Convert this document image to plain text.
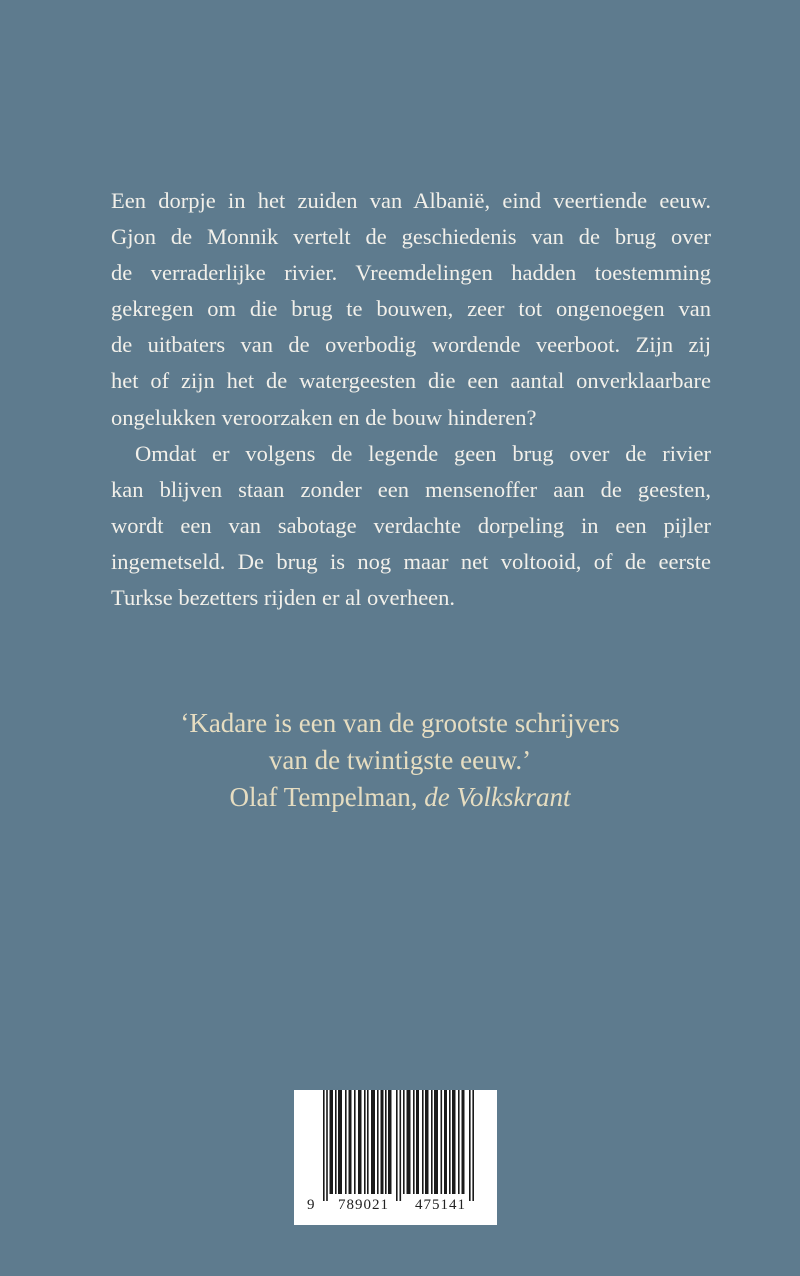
Een dorpje in het zuiden van Albanië, eind veertiende eeuw.
Gjon de Monnik vertelt de geschiedenis van de brug over
de verraderlijke rivier. Vreemdelingen hadden toestemming
gekregen om die brug te bouwen, zeer tot ongenoegen van
de uitbaters van de overbodig wordende veerboot. Zijn zij
het of zijn het de watergeesten die een aantal onverklaarbare
ongelukken veroorzaken en de bouw hinderen?

Omdat er volgens de legende geen brug over de rivier
kan blijven staan zonder een mensenoffer aan de geesten,
wordt een van sabotage verdachte dorpeling in een pijler
ingemetseld. De brug is nog maar net voltooid, of de eerste
Turkse bezetters rijden er al overheen.

‘Kadare is een van de grootste schrijvers
van de twintigste eeuw.’
Olaf Tempelman, de Volkskrant
9 789021 475141
